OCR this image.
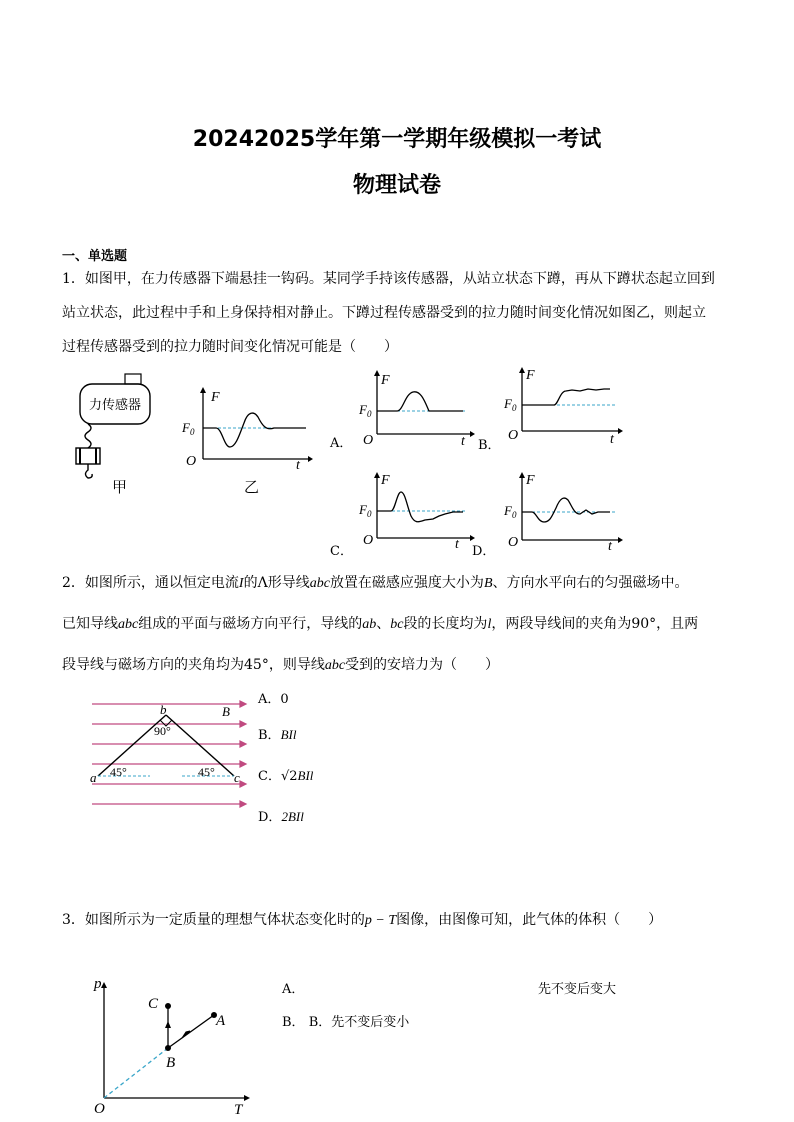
20242025学年第一学期年级模拟一考试
物理试卷
一、单选题
1．如图甲，在力传感器下端悬挂一钩码。某同学手持该传感器，从站立状态下蹲，再从下蹲状态起立回到
站立状态，此过程中手和上身保持相对静止。下蹲过程传感器受到的拉力随时间变化情况如图乙，则起立
过程传感器受到的拉力随时间变化情况可能是（　　）
力传感器
甲
F
$F_0$
O	t
乙
F
$F_0$
O	t
A．
F
$F_0$
O	t
B．
F
$F_0$
O	t
C．
F
$F_0$
O	t
D．
2．如图所示，通以恒定电流I的Λ形导线abc放置在磁感应强度大小为B、方向水平向右的匀强磁场中。
已知导线abc组成的平面与磁场方向平行，导线的ab、bc段的长度均为l，两段导线间的夹角为90°，且两
段导线与磁场方向的夹角均为45°，则导线abc受到的安培力为（　　）
b	B
90°
45°	45°
a	c
A．0
B．BIl
C．√2BIl
D．2BIl
3．如图所示为一定质量的理想气体状态变化时的p − T图像，由图像可知，此气体的体积（　　）
p
T
O
A
B
C
A．	先不变后变大
B． B．先不变后变小
